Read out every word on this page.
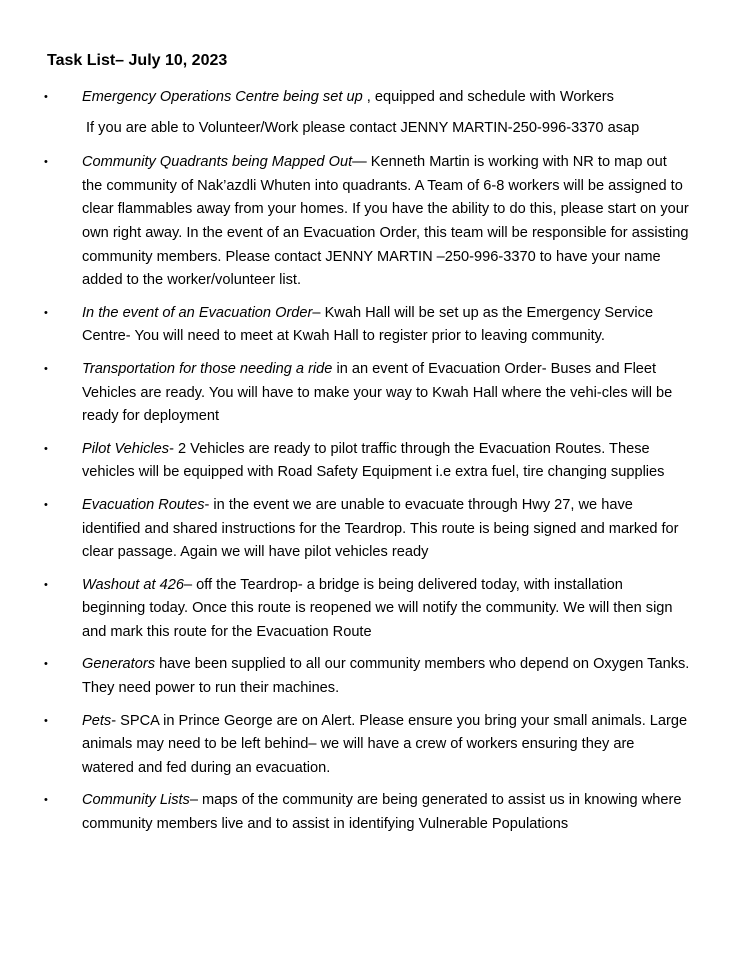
Task List– July 10, 2023
• Emergency Operations Centre being set up , equipped and schedule with Workers
If you are able to Volunteer/Work please contact JENNY MARTIN-250-996-3370 asap
• Community Quadrants being Mapped Out— Kenneth Martin is working with NR to map out the community of Nak’azdli Whuten into quadrants. A Team of 6-8 workers will be assigned to clear flammables away from your homes. If you have the ability to do this, please start on your own right away. In the event of an Evacuation Order, this team will be responsible for assisting community members. Please contact JENNY MARTIN –250-996-3370 to have your name added to the worker/volunteer list.
• In the event of an Evacuation Order– Kwah Hall will be set up as the Emergency Service Centre- You will need to meet at Kwah Hall to register prior to leaving community.
• Transportation for those needing a ride in an event of Evacuation Order- Buses and Fleet Vehicles are ready. You will have to make your way to Kwah Hall where the vehi-cles will be ready for deployment
• Pilot Vehicles- 2 Vehicles are ready to pilot traffic through the Evacuation Routes. These vehicles will be equipped with Road Safety Equipment i.e extra fuel, tire changing supplies
• Evacuation Routes- in the event we are unable to evacuate through Hwy 27, we have identified and shared instructions for the Teardrop. This route is being signed and marked for clear passage. Again we will have pilot vehicles ready
• Washout at 426– off the Teardrop- a bridge is being delivered today, with installation beginning today. Once this route is reopened we will notify the community. We will then sign and mark this route for the Evacuation Route
• Generators have been supplied to all our community members who depend on Oxygen Tanks. They need power to run their machines.
• Pets- SPCA in Prince George are on Alert. Please ensure you bring your small animals. Large animals may need to be left behind– we will have a crew of workers ensuring they are watered and fed during an evacuation.
• Community Lists– maps of the community are being generated to assist us in knowing where community members live and to assist in identifying Vulnerable Populations
